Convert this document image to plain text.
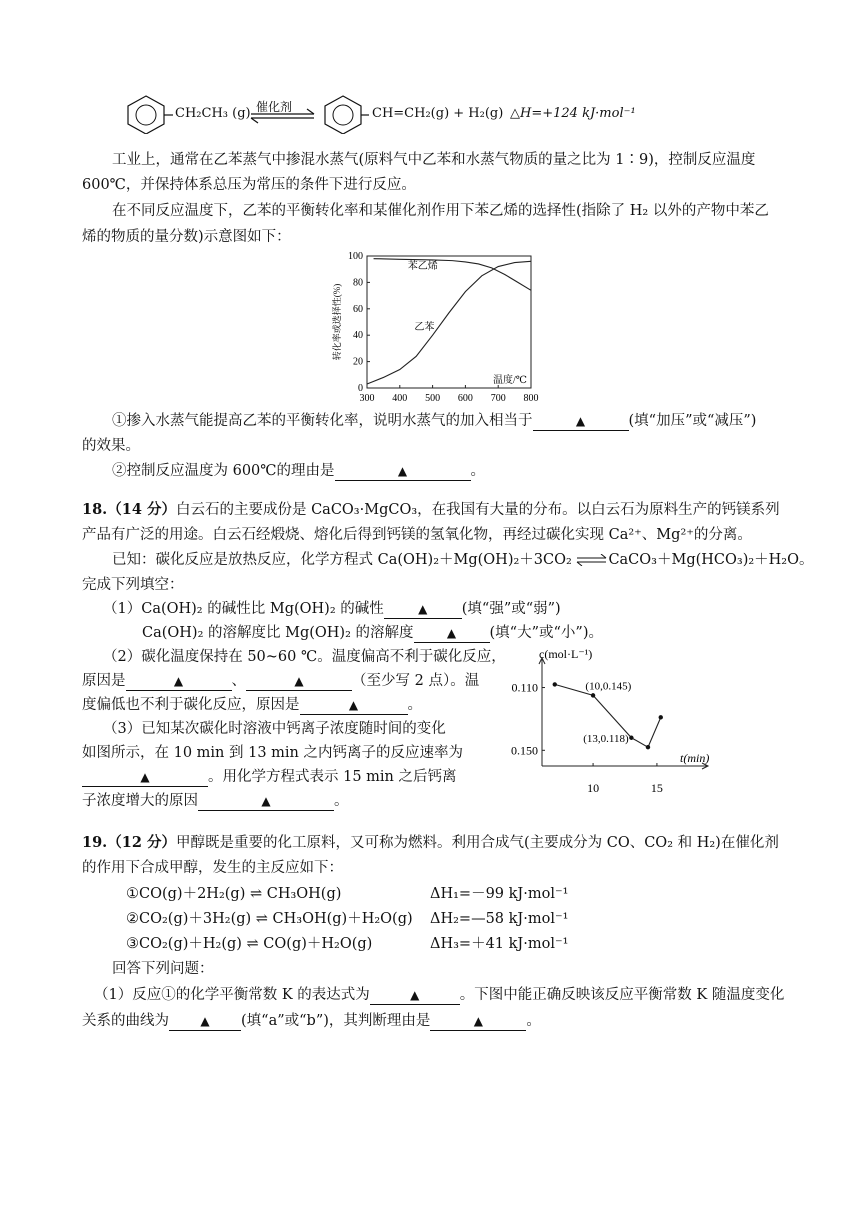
CH₂CH₃ (g) 催化剂	CH=CH₂(g) + H₂(g) △H=+124 kJ·mol⁻¹
工业上，通常在乙苯蒸气中掺混水蒸气(原料气中乙苯和水蒸气物质的量之比为 1∶9)，控制反应温度
600℃，并保持体系总压为常压的条件下进行反应。
在不同反应温度下，乙苯的平衡转化率和某催化剂作用下苯乙烯的选择性(指除了 H₂ 以外的产物中苯乙
烯的物质的量分数)示意图如下：
300 400 500 600 700 800
0
20
40
60
80
100
转化率或选择性(%)
温度/℃
苯乙烯
乙苯
①掺入水蒸气能提高乙苯的平衡转化率，说明水蒸气的加入相当于	▲	(填“加压”或“减压”)
的效果。
②控制反应温度为 600℃的理由是	▲	。
18.（14 分）白云石的主要成份是 CaCO₃·MgCO₃，在我国有大量的分布。以白云石为原料生产的钙镁系列
产品有广泛的用途。白云石经煅烧、熔化后得到钙镁的氢氧化物，再经过碳化实现 Ca²⁺、Mg²⁺的分离。
已知：碳化反应是放热反应，化学方程式 Ca(OH)₂＋Mg(OH)₂＋3CO₂ ⇌CaCO₃＋Mg(HCO₃)₂＋H₂O。
完成下列填空：
（1）Ca(OH)₂ 的碱性比 Mg(OH)₂ 的碱性	▲ (填“强”或“弱”)
Ca(OH)₂ 的溶解度比 Mg(OH)₂ 的溶解度	▲ (填“大”或“小”)。
（2）碳化温度保持在 50~60 ℃。温度偏高不利于碳化反应，
原因是	▲	、	▲	（至少写 2 点）。温
度偏低也不利于碳化反应，原因是	▲	。
（3）已知某次碳化时溶液中钙离子浓度随时间的变化
如图所示，在 10 min 到 13 min 之内钙离子的反应速率为
▲	。用化学方程式表示 15 min 之后钙离
子浓度增大的原因	▲	。
10	15
0.150
0.110
c(mol·L⁻¹)
t(min)
(10,0.145)
(13,0.118)
19.（12 分）甲醇既是重要的化工原料，又可称为燃料。利用合成气(主要成分为 CO、CO₂ 和 H₂)在催化剂
的作用下合成甲醇，发生的主反应如下：
①CO(g)＋2H₂(g) ⇌ CH₃OH(g)	ΔH₁=－99 kJ·mol⁻¹
②CO₂(g)＋3H₂(g) ⇌ CH₃OH(g)＋H₂O(g) ΔH₂=—58 kJ·mol⁻¹
③CO₂(g)＋H₂(g) ⇌ CO(g)＋H₂O(g)	ΔH₃=＋41 kJ·mol⁻¹
回答下列问题：
（1）反应①的化学平衡常数 K 的表达式为	▲	。下图中能正确反映该反应平衡常数 K 随温度变化
关系的曲线为	▲ (填“a”或“b”)，其判断理由是	▲	。
